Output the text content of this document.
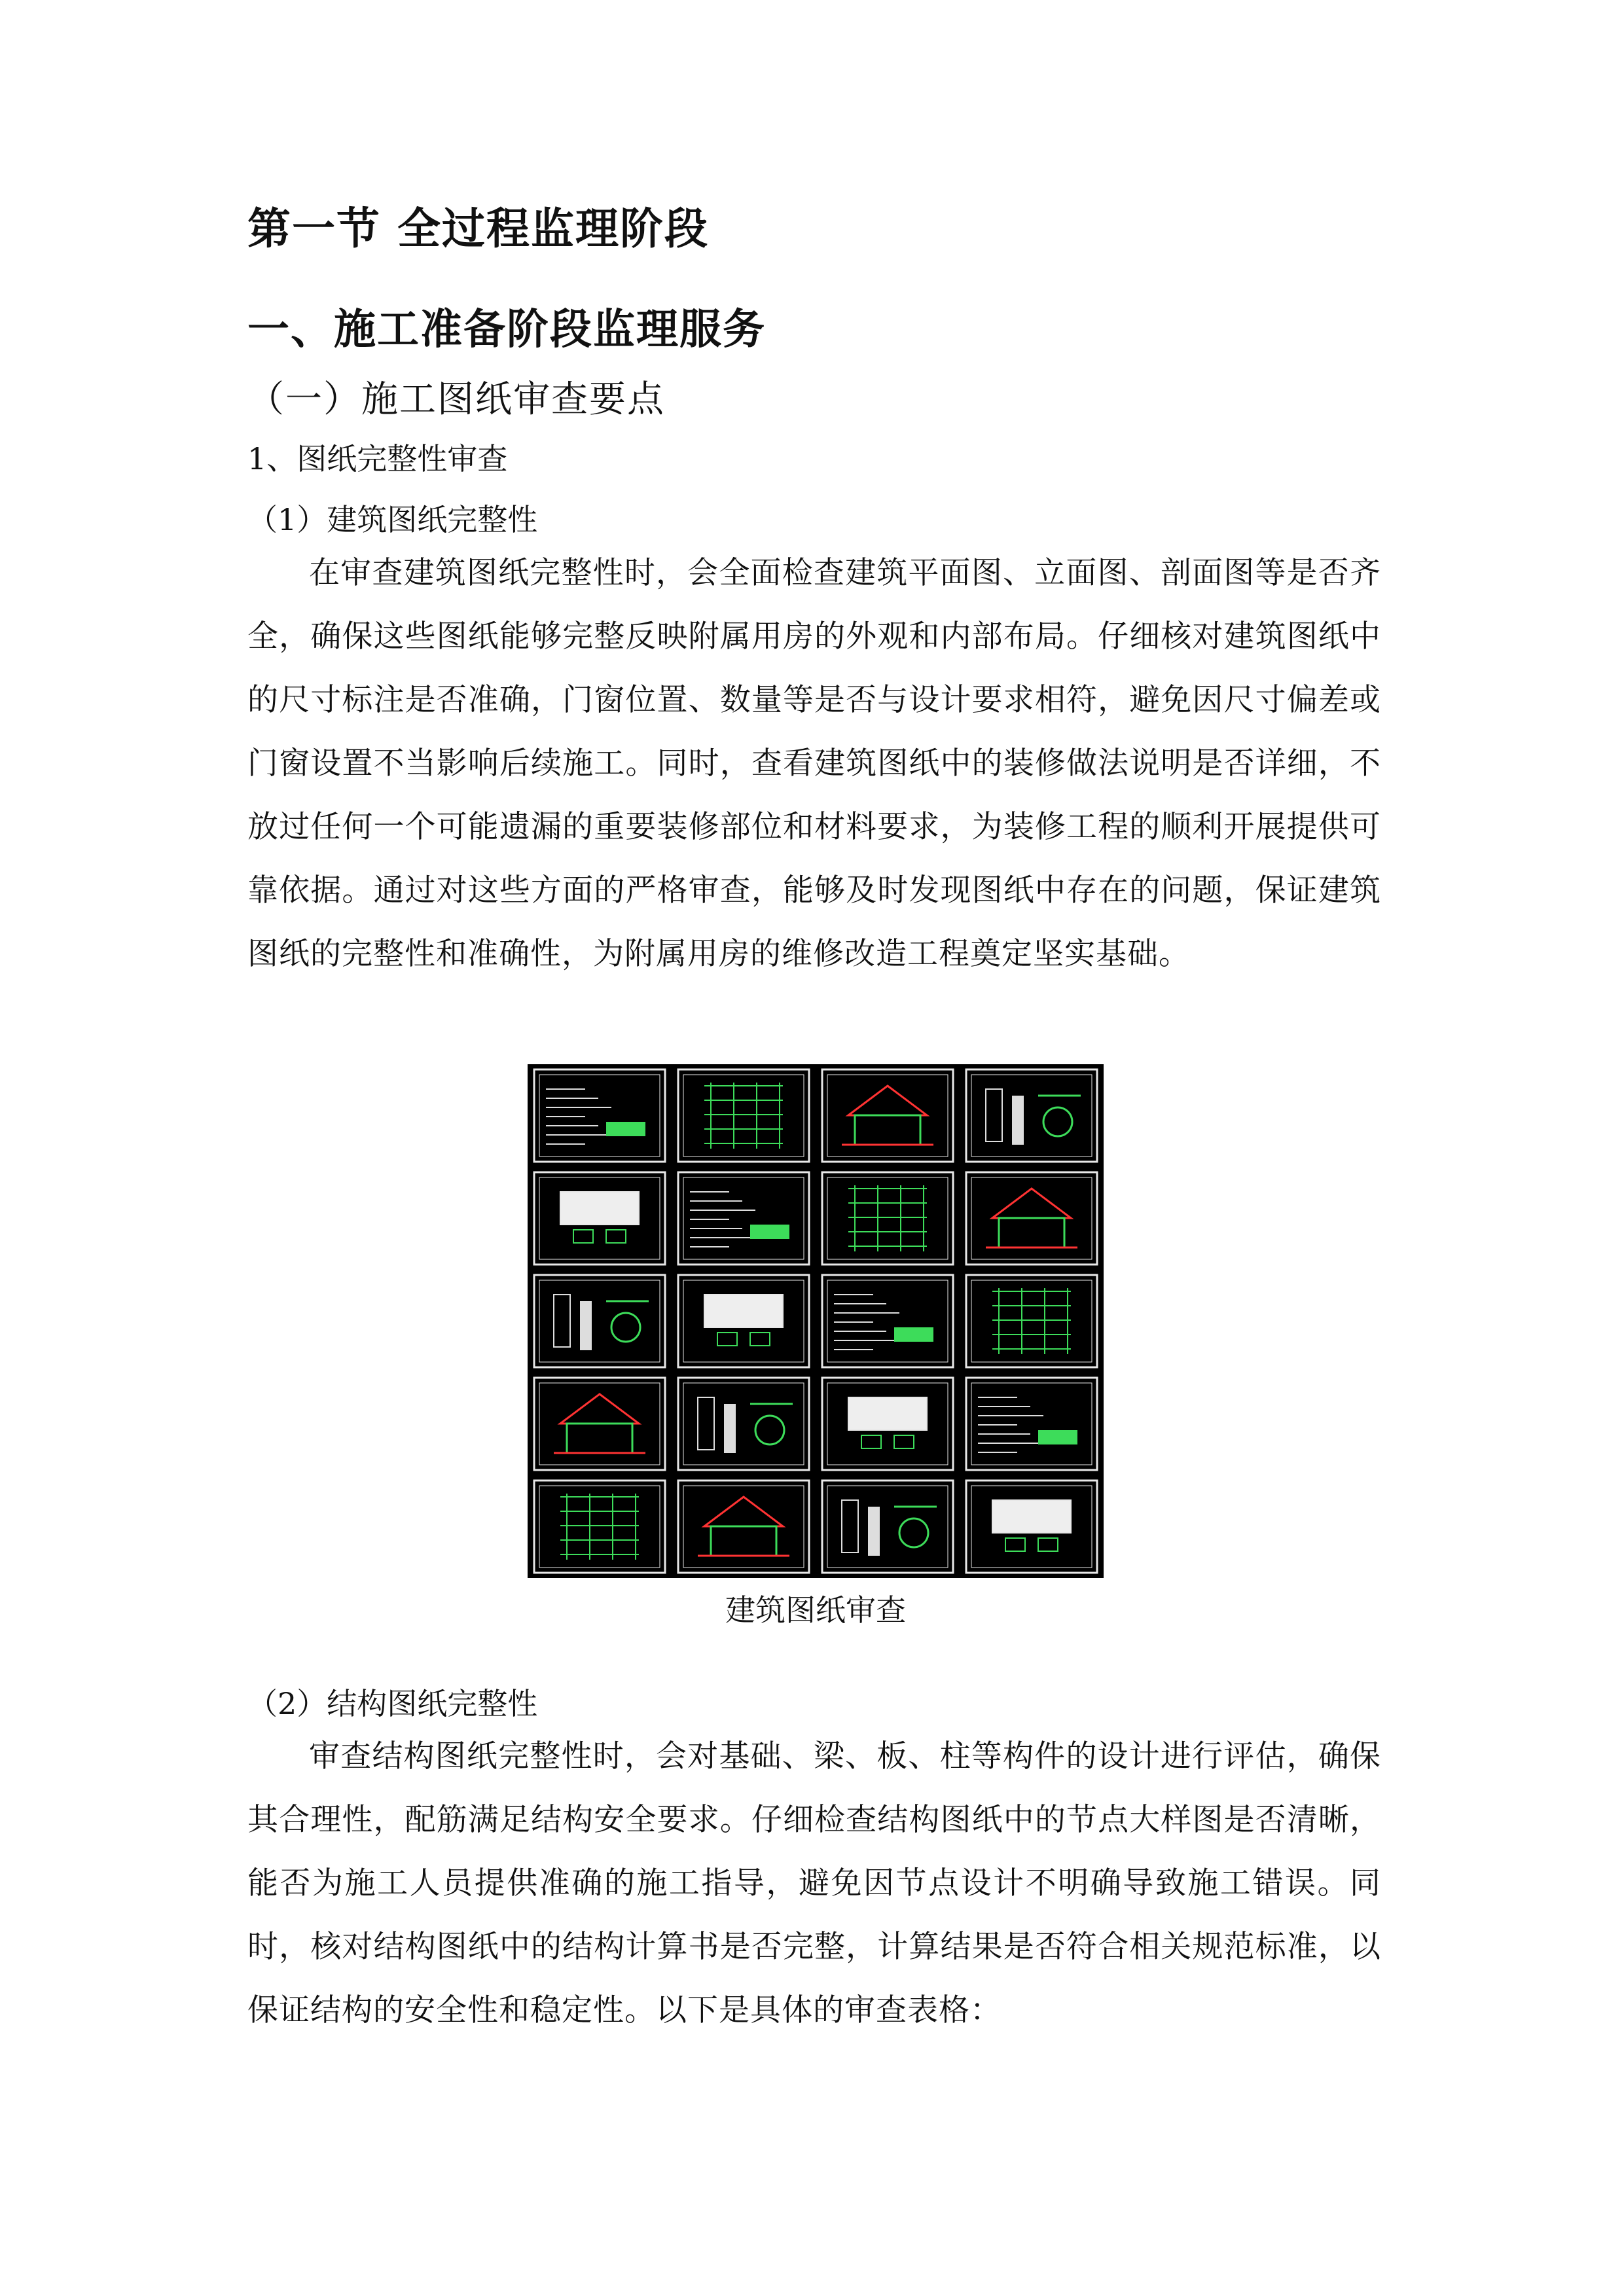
第一节 全过程监理阶段
一、施工准备阶段监理服务
（一）施工图纸审查要点
1、图纸完整性审查
（1）建筑图纸完整性

在审查建筑图纸完整性时，会全面检查建筑平面图、立面图、剖面图等是否齐全，确保这些图纸能够完整反映附属用房的外观和内部布局。仔细核对建筑图纸中的尺寸标注是否准确，门窗位置、数量等是否与设计要求相符，避免因尺寸偏差或门窗设置不当影响后续施工。同时，查看建筑图纸中的装修做法说明是否详细，不放过任何一个可能遗漏的重要装修部位和材料要求，为装修工程的顺利开展提供可靠依据。通过对这些方面的严格审查，能够及时发现图纸中存在的问题，保证建筑图纸的完整性和准确性，为附属用房的维修改造工程奠定坚实基础。

建筑图纸审查
（2）结构图纸完整性

审查结构图纸完整性时，会对基础、梁、板、柱等构件的设计进行评估，确保其合理性，配筋满足结构安全要求。仔细检查结构图纸中的节点大样图是否清晰，能否为施工人员提供准确的施工指导，避免因节点设计不明确导致施工错误。同时，核对结构图纸中的结构计算书是否完整，计算结果是否符合相关规范标准，以保证结构的安全性和稳定性。以下是具体的审查表格：
